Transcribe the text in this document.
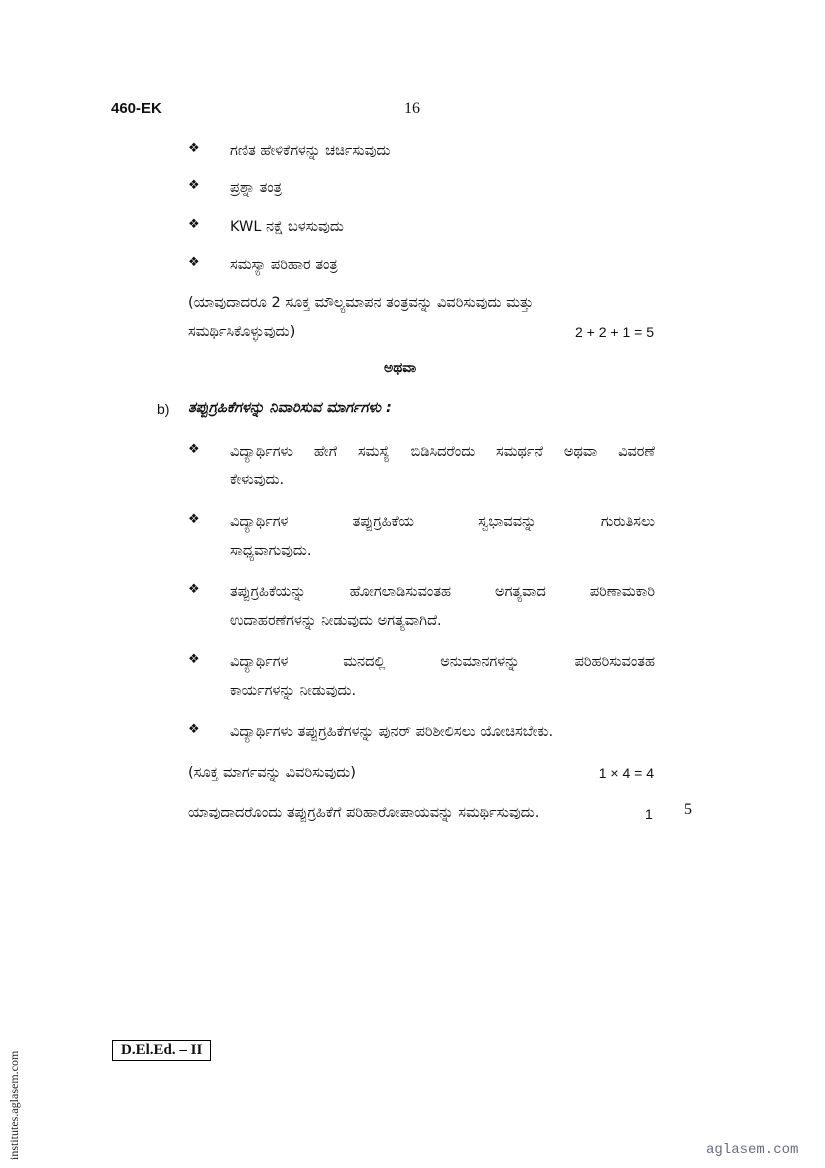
460-EK	16
❖	ಗಣಿತ ಹೇಳಿಕೆಗಳನ್ನು ಚರ್ಚಿಸುವುದು
❖	ಪ್ರಶ್ನಾ ತಂತ್ರ
❖	KWL ನಕ್ಷೆ ಬಳಸುವುದು
❖	ಸಮಸ್ಯಾ ಪರಿಹಾರ ತಂತ್ರ
(ಯಾವುದಾದರೂ 2 ಸೂಕ್ತ ಮೌಲ್ಯಮಾಪನ ತಂತ್ರವನ್ನು ವಿವರಿಸುವುದು ಮತ್ತು
ಸಮರ್ಥಿಸಿಕೊಳ್ಳುವುದು)	2 + 2 + 1 = 5
ಅಥವಾ
b) ತಪ್ಪುಗ್ರಹಿಕೆಗಳನ್ನು ನಿವಾರಿಸುವ ಮಾರ್ಗಗಳು :
❖	ವಿದ್ಯಾರ್ಥಿಗಳು ಹೇಗೆ ಸಮಸ್ಯೆ ಬಿಡಿಸಿದರೆಂದು ಸಮರ್ಥನೆ ಅಥವಾ ವಿವರಣೆ
ಕೇಳುವುದು.
❖	ವಿದ್ಯಾರ್ಥಿಗಳ ತಪ್ಪುಗ್ರಹಿಕೆಯ ಸ್ವಭಾವವನ್ನು ಗುರುತಿಸಲು
ಸಾಧ್ಯವಾಗುವುದು.
❖	ತಪ್ಪುಗ್ರಹಿಕೆಯನ್ನು ಹೋಗಲಾಡಿಸುವಂತಹ ಅಗತ್ಯವಾದ ಪರಿಣಾಮಕಾರಿ
ಉದಾಹರಣೆಗಳನ್ನು ನೀಡುವುದು ಅಗತ್ಯವಾಗಿದೆ.
❖	ವಿದ್ಯಾರ್ಥಿಗಳ ಮನದಲ್ಲಿ ಅನುಮಾನಗಳನ್ನು ಪರಿಹರಿಸುವಂತಹ
ಕಾರ್ಯಗಳನ್ನು ನೀಡುವುದು.
❖	ವಿದ್ಯಾರ್ಥಿಗಳು ತಪ್ಪುಗ್ರಹಿಕೆಗಳನ್ನು ಪುನರ್ ಪರಿಶೀಲಿಸಲು ಯೋಚಿಸಬೇಕು.
(ಸೂಕ್ತ ಮಾರ್ಗವನ್ನು ವಿವರಿಸುವುದು)	1 × 4 = 4
ಯಾವುದಾದರೊಂದು ತಪ್ಪುಗ್ರಹಿಕೆಗೆ ಪರಿಹಾರೋಪಾಯವನ್ನು ಸಮರ್ಥಿಸುವುದು.	1 5
D.El.Ed. – II
institutes.aglasem.com	aglasem.com
